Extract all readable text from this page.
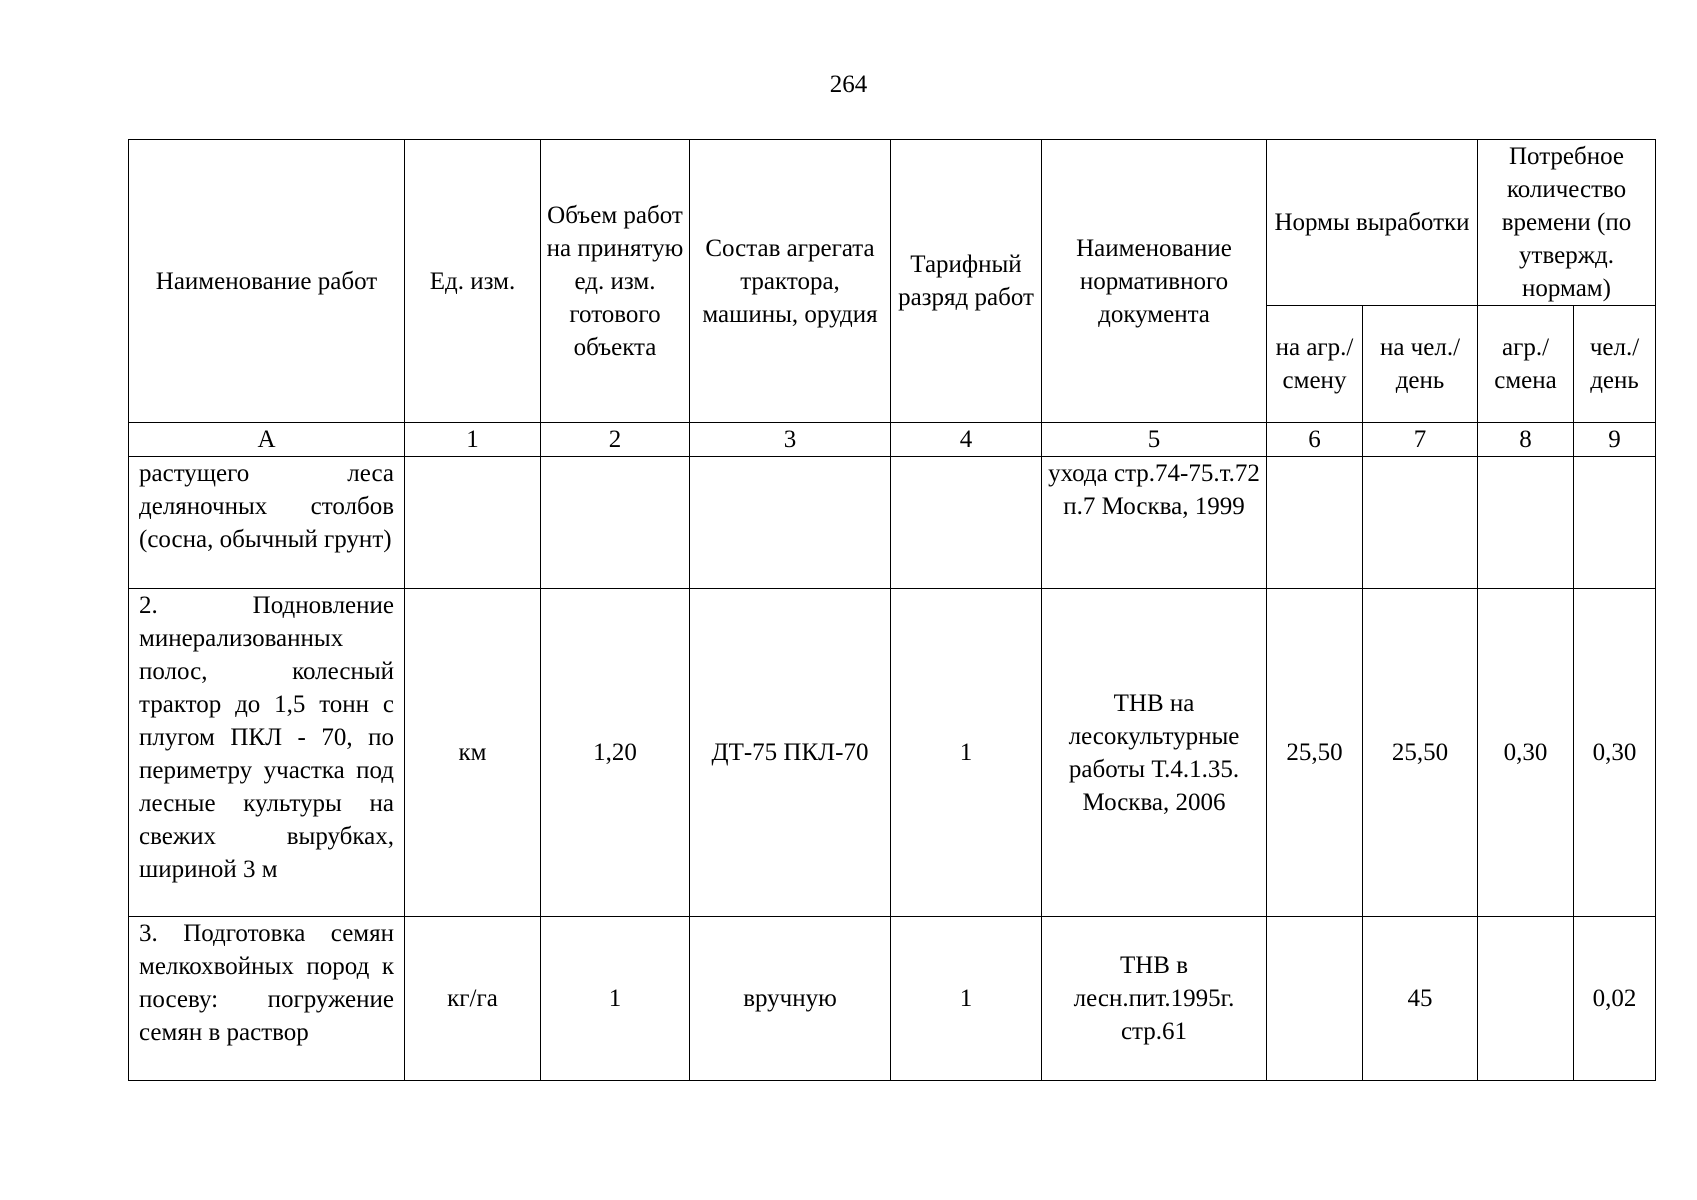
264
Наименование работ	Ед. изм.	Объем работ на принятую ед. изм. готового объекта	Состав агрегата трактора, машины, орудия	Тарифный разряд работ	Наименование нормативного документа	Нормы выработки		Потребное количество времени (по утвержд. нормам)	
						на агр./ смену	на чел./ день	агр./ смена	чел./ день
А	1	2	3	4	5	6	7	8	9
растущего леса деляночных столбов (сосна, обычный грунт)					ухода стр.74-75.т.72 п.7 Москва, 1999				
2. Подновление минерализованных полос, колесный трактор до 1,5 тонн с плугом ПКЛ - 70, по периметру участка под лесные культуры на свежих вырубках, шириной 3 м	км	1,20	ДТ-75 ПКЛ-70	1	ТНВ на лесокультурные работы Т.4.1.35. Москва, 2006	25,50	25,50	0,30	0,30
3. Подготовка семян мелкохвойных пород к посеву: погружение семян в раствор	кг/га	1	вручную	1	ТНВ в лесн.пит.1995г. стр.61		45		0,02
